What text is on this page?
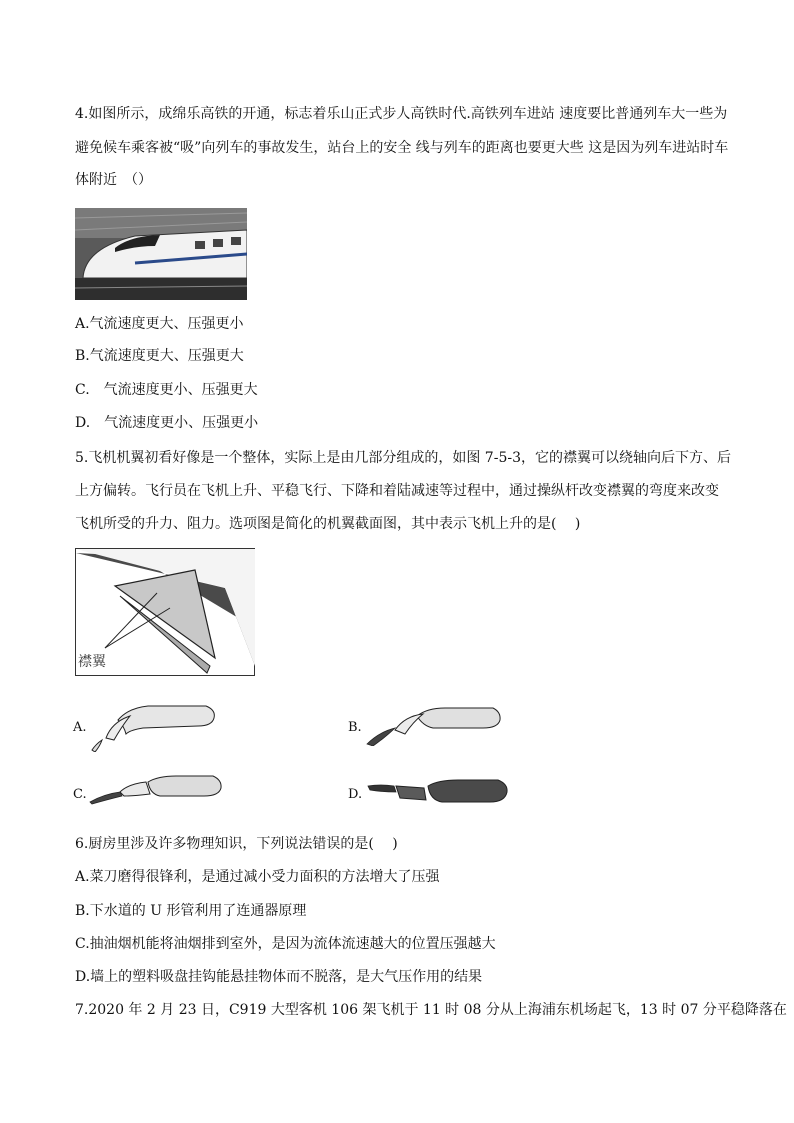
4.如图所示，成绵乐高铁的开通，标志着乐山正式步人高铁时代.高铁列车进站 速度要比普通列车大一些为
避免候车乘客被“吸”向列车的事故发生，站台上的安全 线与列车的距离也要更大些 这是因为列车进站时车
体附近　（）
A.气流速度更大、压强更小
B.气流速度更大、压强更大
C.　气流速度更小、压强更大
D.　气流速度更小、压强更小
5.飞机机翼初看好像是一个整体，实际上是由几部分组成的，如图 7-5-3，它的襟翼可以绕轴向后下方、后
上方偏转。飞行员在飞机上升、平稳飞行、下降和着陆减速等过程中，通过操纵杆改变襟翼的弯度来改变
飞机所受的升力、阻力。选项图是简化的机翼截面图，其中表示飞机上升的是(　 )
襟翼
A.	B.
C.	D.
6.厨房里涉及许多物理知识，下列说法错误的是(　 )
A.菜刀磨得很锋利，是通过减小受力面积的方法增大了压强
B.下水道的 U 形管利用了连通器原理
C.抽油烟机能将油烟排到室外，是因为流体流速越大的位置压强越大
D.墙上的塑料吸盘挂钩能悬挂物体而不脱落，是大气压作用的结果
7.2020 年 2 月 23 日，C919 大型客机 106 架飞机于 11 时 08 分从上海浦东机场起飞，13 时 07 分平稳降落在
